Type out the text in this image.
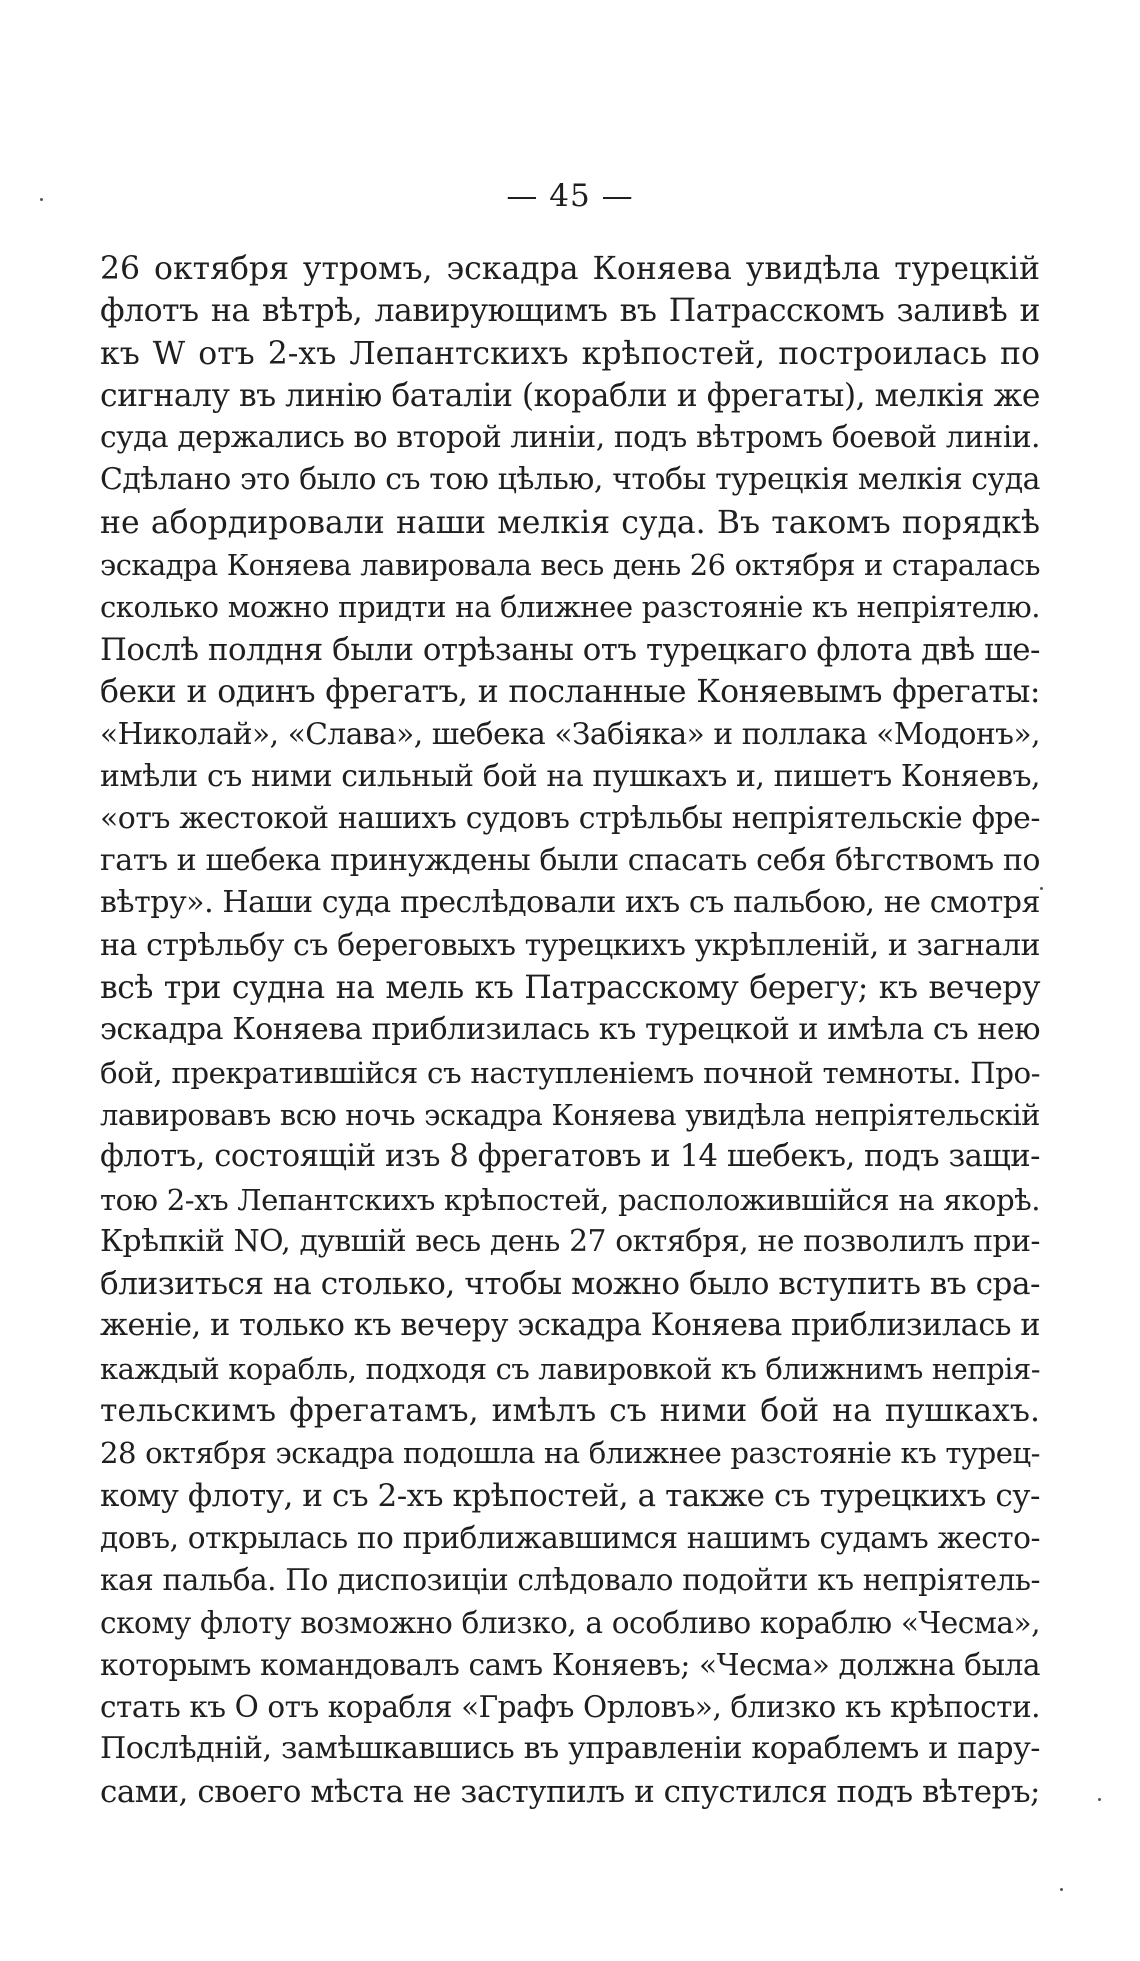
— 45 —
26 октября утромъ, эскадра Коняева увидѣла турецкій
флотъ на вѣтрѣ, лавирующимъ въ Патрасскомъ заливѣ и
къ W отъ 2-хъ Лепантскихъ крѣпостей, построилась по
сигналу въ линію баталіи (корабли и фрегаты), мелкія же
суда держались во второй линіи, подъ вѣтромъ боевой линіи.
Сдѣлано это было съ тою цѣлью, чтобы турецкія мелкія суда
не абордировали наши мелкія суда. Въ такомъ порядкѣ
эскадра Коняева лавировала весь день 26 октября и старалась
сколько можно придти на ближнее разстояніе къ непріятелю.
Послѣ полдня были отрѣзаны отъ турецкаго флота двѣ ше-
беки и одинъ фрегатъ, и посланные Коняевымъ фрегаты:
«Николай», «Слава», шебека «Забіяка» и поллака «Модонъ»,
имѣли съ ними сильный бой на пушкахъ и, пишетъ Коняевъ,
«отъ жестокой нашихъ судовъ стрѣльбы непріятельскіе фре-
гатъ и шебека принуждены были спасать себя бѣгствомъ по
вѣтру». Наши суда преслѣдовали ихъ съ пальбою, не смотря
на стрѣльбу съ береговыхъ турецкихъ укрѣпленій, и загнали
всѣ три судна на мель къ Патрасскому берегу; къ вечеру
эскадра Коняева приблизилась къ турецкой и имѣла съ нею
бой, прекратившійся съ наступленіемъ почной темноты. Про-
лавировавъ всю ночь эскадра Коняева увидѣла непріятельскій
флотъ, состоящій изъ 8 фрегатовъ и 14 шебекъ, подъ защи-
тою 2-хъ Лепантскихъ крѣпостей, расположившійся на якорѣ.
Крѣпкій NO, дувшій весь день 27 октября, не позволилъ при-
близиться на столько, чтобы можно было вступить въ сра-
женіе, и только къ вечеру эскадра Коняева приблизилась и
каждый корабль, подходя съ лавировкой къ ближнимъ непрія-
тельскимъ фрегатамъ, имѣлъ съ ними бой на пушкахъ.
28 октября эскадра подошла на ближнее разстояніе къ турец-
кому флоту, и съ 2-хъ крѣпостей, а также съ турецкихъ су-
довъ, открылась по приближавшимся нашимъ судамъ жесто-
кая пальба. По диспозиціи слѣдовало подойти къ непріятель-
скому флоту возможно близко, а особливо кораблю «Чесма»,
которымъ командовалъ самъ Коняевъ; «Чесма» должна была
стать къ O отъ корабля «Графъ Орловъ», близко къ крѣпости.
Послѣдній, замѣшкавшись въ управленіи кораблемъ и пару-
сами, своего мѣста не заступилъ и спустился подъ вѣтеръ;
